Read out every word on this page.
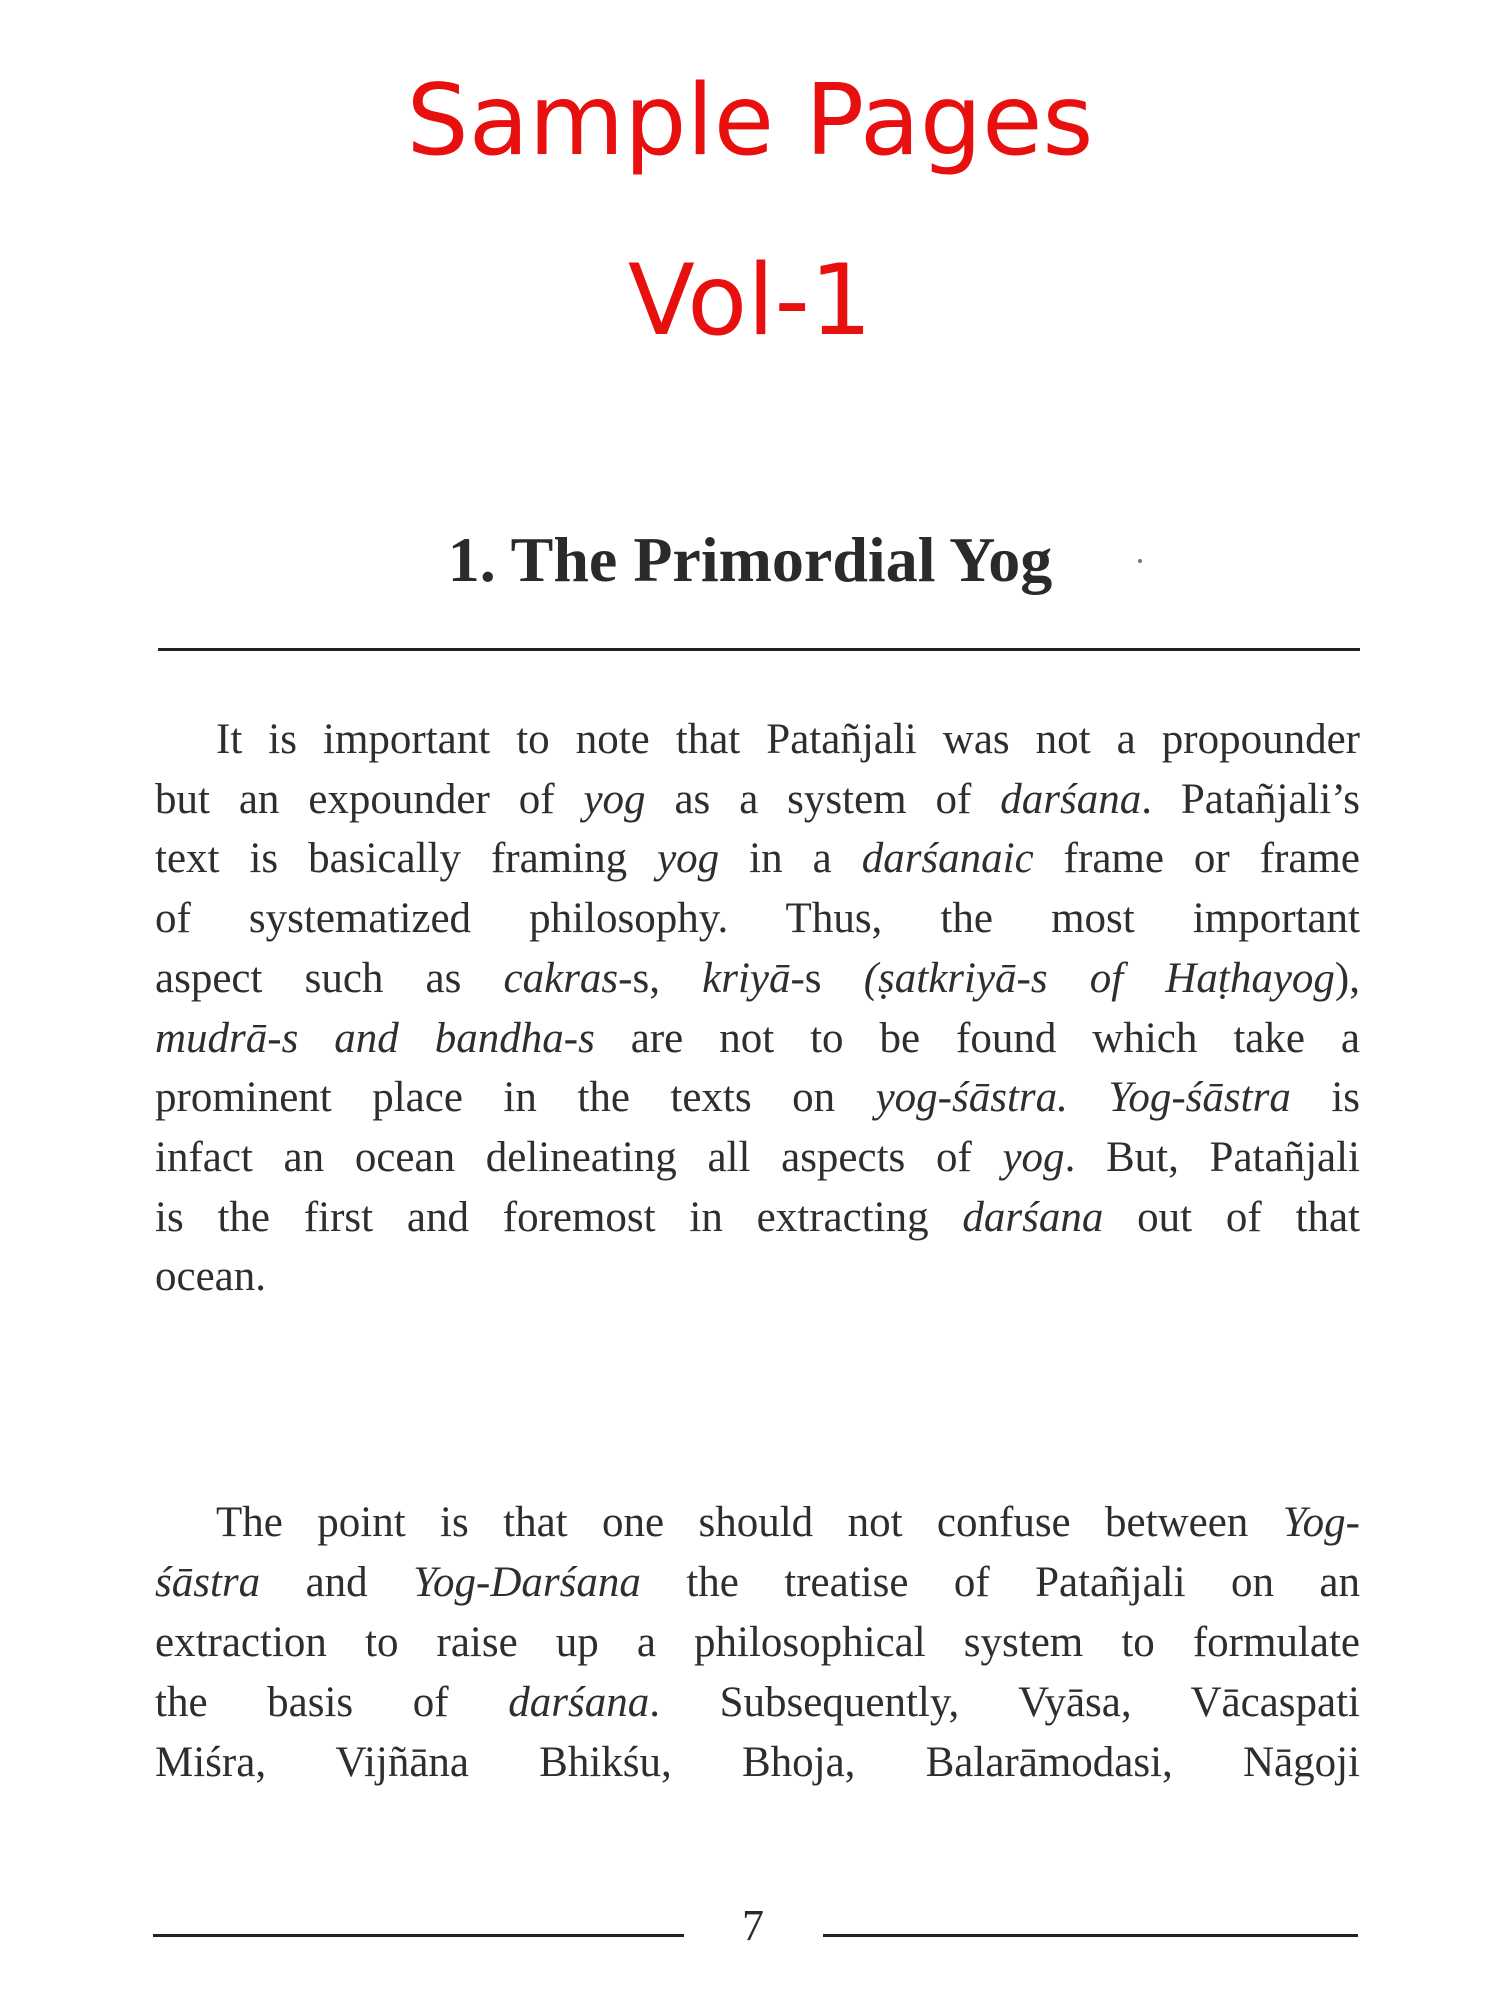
Sample Pages
Vol-1
1. The Primordial Yog
It is important to note that Patañjali was not a propounder
but an expounder of yog as a system of darśana. Patañjali’s
text is basically framing yog in a darśanaic frame or frame
of systematized philosophy. Thus, the most important
aspect such as cakras-s, kriyā-s (ṣatkriyā-s of Haṭhayog),
mudrā-s and bandha-s are not to be found which take a
prominent place in the texts on yog-śāstra. Yog-śāstra is
infact an ocean delineating all aspects of yog. But, Patañjali
is the first and foremost in extracting darśana out of that
ocean.
The point is that one should not confuse between Yog-
śāstra and Yog-Darśana the treatise of Patañjali on an
extraction to raise up a philosophical system to formulate
the basis of darśana. Subsequently, Vyāsa, Vācaspati
Miśra, Vijñāna Bhikśu, Bhoja, Balarāmodasi, Nāgoji
7
